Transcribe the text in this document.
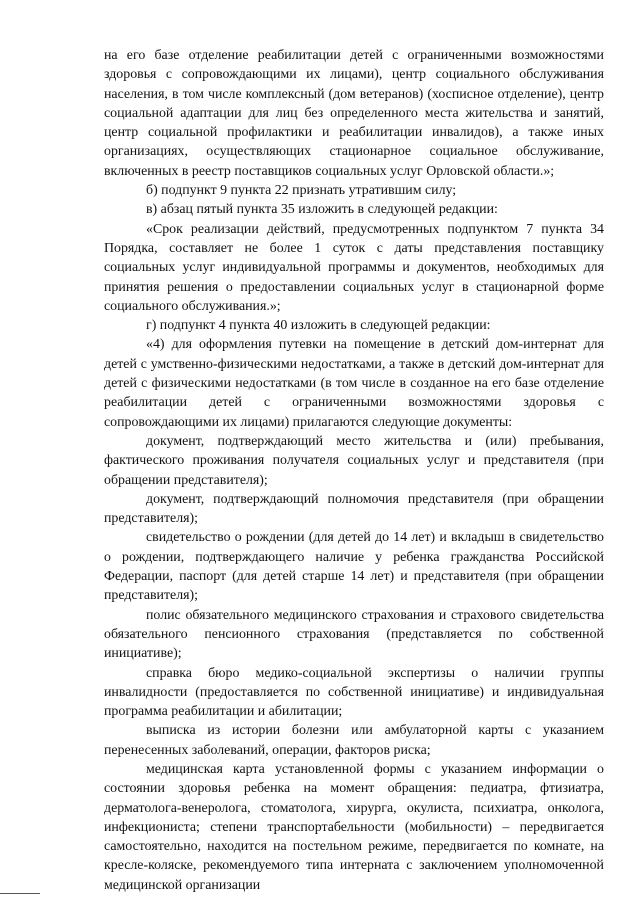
на его базе отделение реабилитации детей с ограниченными возможностями здоровья с сопровождающими их лицами), центр социального обслуживания населения, в том числе комплексный (дом ветеранов) (хосписное отделение), центр социальной адаптации для лиц без определенного места жительства и занятий, центр социальной профилактики и реабилитации инвалидов), а также иных организациях, осуществляющих стационарное социальное обслуживание, включенных в реестр поставщиков социальных услуг Орловской области.»;

б) подпункт 9 пункта 22 признать утратившим силу;

в) абзац пятый пункта 35 изложить в следующей редакции:

«Срок реализации действий, предусмотренных подпунктом 7 пункта 34 Порядка, составляет не более 1 суток с даты представления поставщику социальных услуг индивидуальной программы и документов, необходимых для принятия решения о предоставлении социальных услуг в стационарной форме социального обслуживания.»;

г) подпункт 4 пункта 40 изложить в следующей редакции:

«4) для оформления путевки на помещение в детский дом-интернат для детей с умственно-физическими недостатками, а также в детский дом-интернат для детей с физическими недостатками (в том числе в созданное на его базе отделение реабилитации детей с ограниченными возможностями здоровья с сопровождающими их лицами) прилагаются следующие документы:

документ, подтверждающий место жительства и (или) пребывания, фактического проживания получателя социальных услуг и представителя (при обращении представителя);

документ, подтверждающий полномочия представителя (при обращении представителя);

свидетельство о рождении (для детей до 14 лет) и вкладыш в свидетельство о рождении, подтверждающего наличие у ребенка гражданства Российской Федерации, паспорт (для детей старше 14 лет) и представителя (при обращении представителя);

полис обязательного медицинского страхования и страхового свидетельства обязательного пенсионного страхования (представляется по собственной инициативе);

справка бюро медико-социальной экспертизы о наличии группы инвалидности (предоставляется по собственной инициативе) и индивидуальная программа реабилитации и абилитации;

выписка из истории болезни или амбулаторной карты с указанием перенесенных заболеваний, операции, факторов риска;

медицинская карта установленной формы с указанием информации о состоянии здоровья ребенка на момент обращения: педиатра, фтизиатра, дерматолога-венеролога, стоматолога, хирурга, окулиста, психиатра, онколога, инфекциониста; степени транспортабельности (мобильности) – передвигается самостоятельно, находится на постельном режиме, передвигается по комнате, на кресле-коляске, рекомендуемого типа интерната с заключением уполномоченной медицинской организации
